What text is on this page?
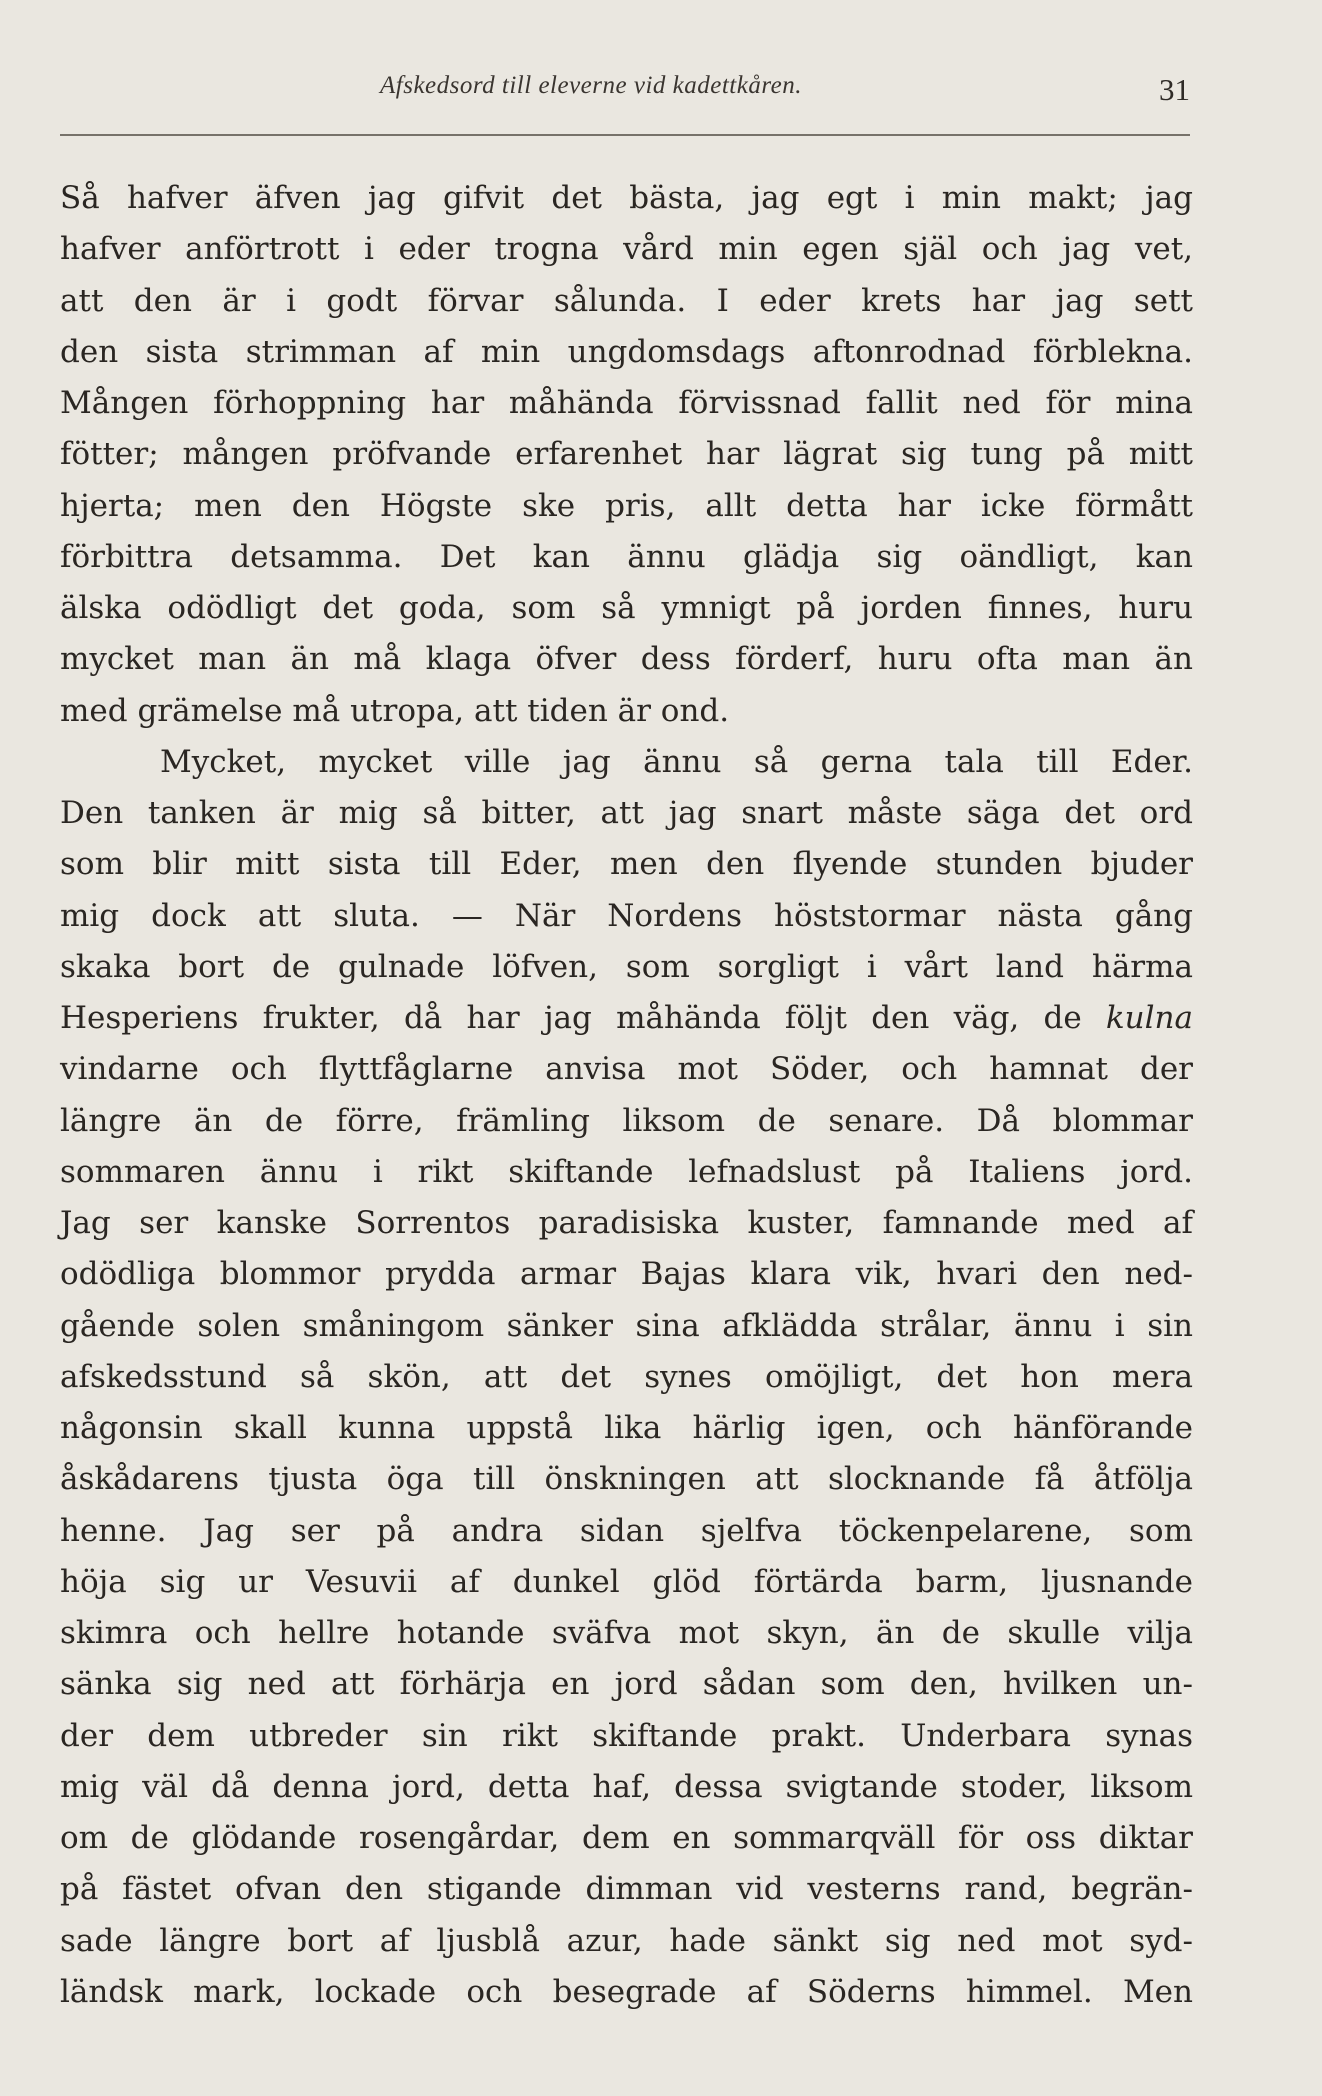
Afskedsord till eleverne vid kadettkåren.	31
Så hafver äfven jag gifvit det bästa, jag egt i min makt; jag
hafver anförtrott i eder trogna vård min egen själ och jag vet,
att den är i godt förvar sålunda. I eder krets har jag sett
den sista strimman af min ungdomsdags aftonrodnad förblekna.
Mången förhoppning har måhända förvissnad fallit ned för mina
fötter; mången pröfvande erfarenhet har lägrat sig tung på mitt
hjerta; men den Högste ske pris, allt detta har icke förmått
förbittra detsamma. Det kan ännu glädja sig oändligt, kan
älska odödligt det goda, som så ymnigt på jorden finnes, huru
mycket man än må klaga öfver dess förderf, huru ofta man än
med grämelse må utropa, att tiden är ond.
Mycket, mycket ville jag ännu så gerna tala till Eder.
Den tanken är mig så bitter, att jag snart måste säga det ord
som blir mitt sista till Eder, men den flyende stunden bjuder
mig dock att sluta. — När Nordens höststormar nästa gång
skaka bort de gulnade löfven, som sorgligt i vårt land härma
Hesperiens frukter, då har jag måhända följt den väg, de kulna
vindarne och flyttfåglarne anvisa mot Söder, och hamnat der
längre än de förre, främling liksom de senare. Då blommar
sommaren ännu i rikt skiftande lefnadslust på Italiens jord.
Jag ser kanske Sorrentos paradisiska kuster, famnande med af
odödliga blommor prydda armar Bajas klara vik, hvari den ned-
gående solen småningom sänker sina afklädda strålar, ännu i sin
afskedsstund så skön, att det synes omöjligt, det hon mera
någonsin skall kunna uppstå lika härlig igen, och hänförande
åskådarens tjusta öga till önskningen att slocknande få åtfölja
henne. Jag ser på andra sidan sjelfva töckenpelarene, som
höja sig ur Vesuvii af dunkel glöd förtärda barm, ljusnande
skimra och hellre hotande sväfva mot skyn, än de skulle vilja
sänka sig ned att förhärja en jord sådan som den, hvilken un-
der dem utbreder sin rikt skiftande prakt. Underbara synas
mig väl då denna jord, detta haf, dessa svigtande stoder, liksom
om de glödande rosengårdar, dem en sommarqväll för oss diktar
på fästet ofvan den stigande dimman vid vesterns rand, begrän-
sade längre bort af ljusblå azur, hade sänkt sig ned mot syd-
ländsk mark, lockade och besegrade af Söderns himmel. Men
